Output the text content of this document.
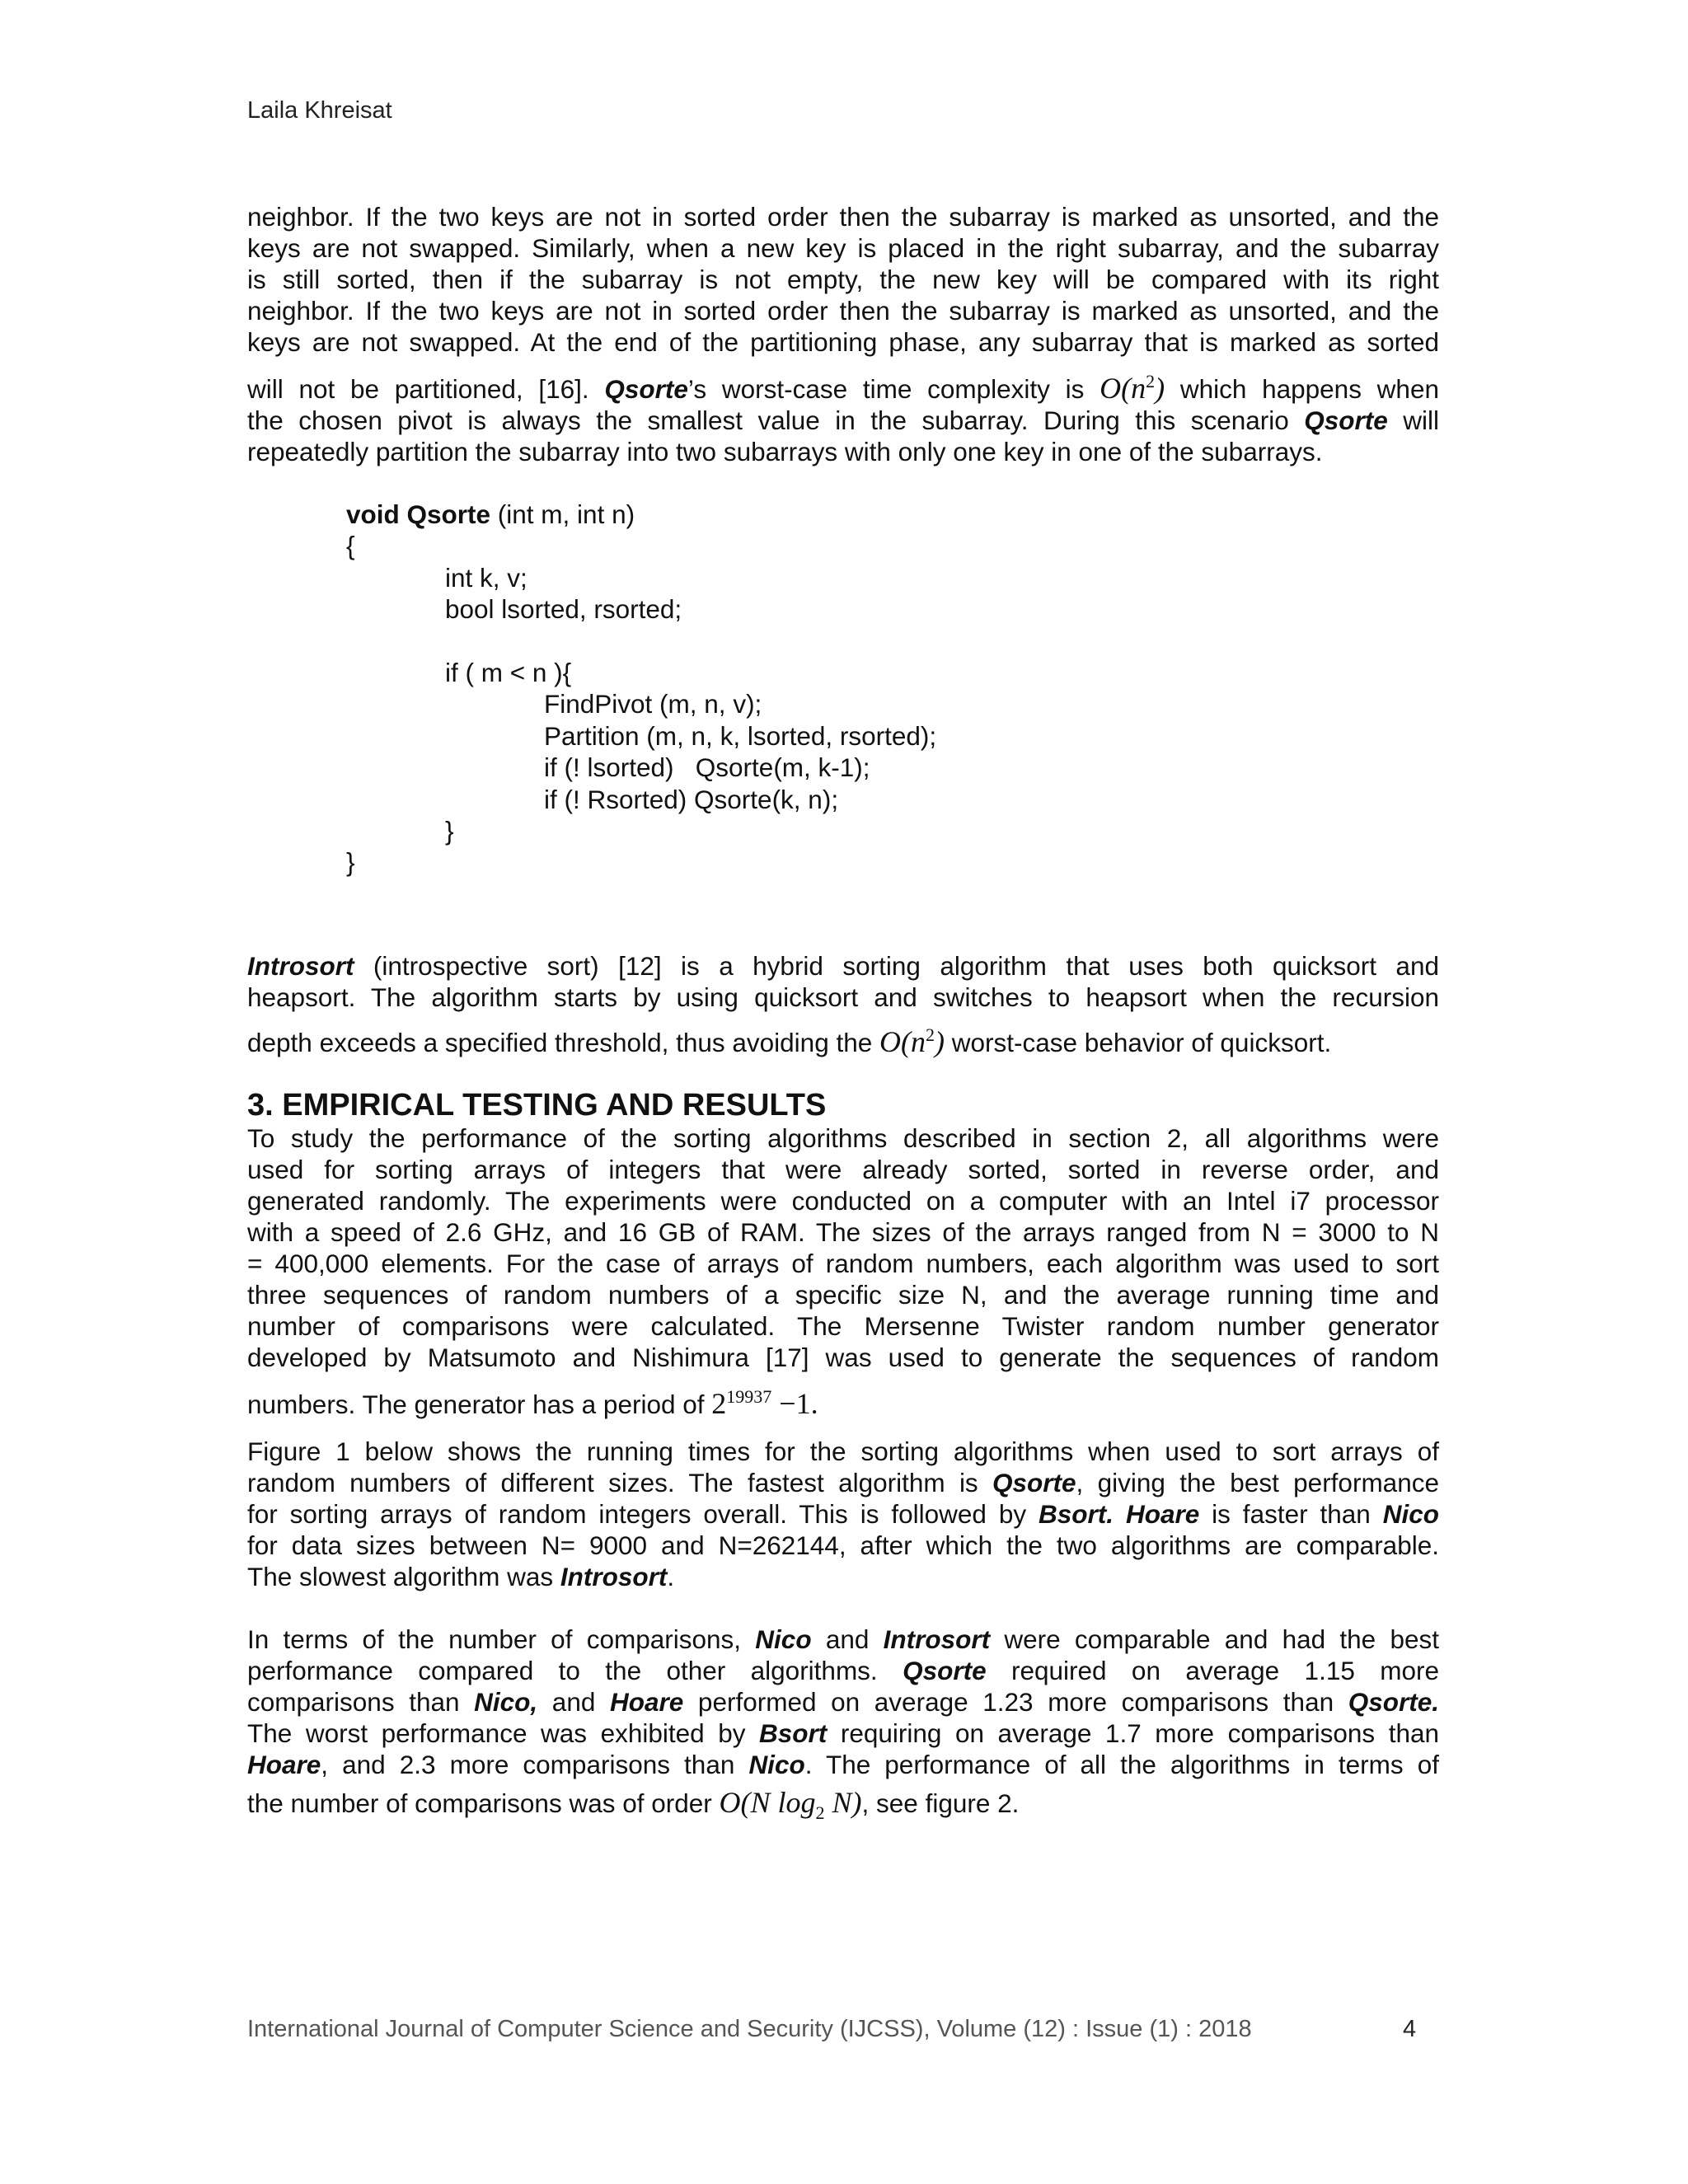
Laila Khreisat
neighbor. If the two keys are not in sorted order then the subarray is marked as unsorted, and the
keys are not swapped. Similarly, when a new key is placed in the right subarray, and the subarray
is still sorted, then if the subarray is not empty, the new key will be compared with its right
neighbor. If the two keys are not in sorted order then the subarray is marked as unsorted, and the
keys are not swapped. At the end of the partitioning phase, any subarray that is marked as sorted
will not be partitioned, [16]. Qsorte’s worst-case time complexity is $O(n^2)$ which happens when
the chosen pivot is always the smallest value in the subarray. During this scenario Qsorte will
repeatedly partition the subarray into two subarrays with only one key in one of the subarrays.
void Qsorte (int m, int n)
{
int k, v;
bool lsorted, rsorted;

if ( m < n ){
FindPivot (m, n, v);
Partition (m, n, k, lsorted, rsorted);
if (! lsorted)   Qsorte(m, k-1);
if (! Rsorted) Qsorte(k, n);
}
}
Introsort (introspective sort) [12] is a hybrid sorting algorithm that uses both quicksort and
heapsort. The algorithm starts by using quicksort and switches to heapsort when the recursion
depth exceeds a specified threshold, thus avoiding the $O(n^2)$ worst-case behavior of quicksort.
3. EMPIRICAL TESTING AND RESULTS
To study the performance of the sorting algorithms described in section 2, all algorithms were
used for sorting arrays of integers that were already sorted, sorted in reverse order, and
generated randomly. The experiments were conducted on a computer with an Intel i7 processor
with a speed of 2.6 GHz, and 16 GB of RAM. The sizes of the arrays ranged from N = 3000 to N
= 400,000 elements. For the case of arrays of random numbers, each algorithm was used to sort
three sequences of random numbers of a specific size N, and the average running time and
number of comparisons were calculated. The Mersenne Twister random number generator
developed by Matsumoto and Nishimura [17] was used to generate the sequences of random
numbers. The generator has a period of $2^{19937} -1$.
Figure 1 below shows the running times for the sorting algorithms when used to sort arrays of
random numbers of different sizes. The fastest algorithm is Qsorte, giving the best performance
for sorting arrays of random integers overall. This is followed by Bsort. Hoare is faster than Nico
for data sizes between N= 9000 and N=262144, after which the two algorithms are comparable.
The slowest algorithm was Introsort.
In terms of the number of comparisons, Nico and Introsort were comparable and had the best
performance compared to the other algorithms. Qsorte required on average 1.15 more
comparisons than Nico, and Hoare performed on average 1.23 more comparisons than Qsorte.
The worst performance was exhibited by Bsort requiring on average 1.7 more comparisons than
Hoare, and 2.3 more comparisons than Nico. The performance of all the algorithms in terms of
the number of comparisons was of order O(N $\log_2 N$), see figure 2.
International Journal of Computer Science and Security (IJCSS), Volume (12) : Issue (1) : 2018	4
